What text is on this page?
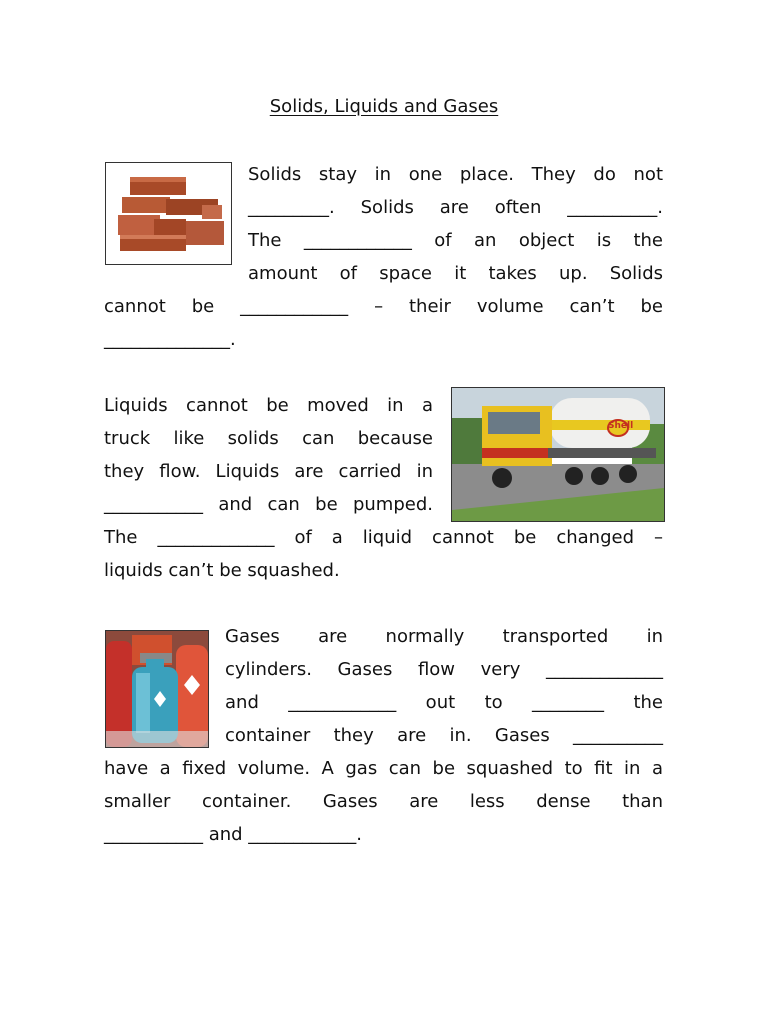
Solids, Liquids and Gases
Solids stay in one place. They do not
_________. Solids are often __________.
The ____________ of an object is the
amount of space it takes up. Solids
cannot be ____________ – their volume can’t be
______________.
Shell
Liquids cannot be moved in a
truck like solids can because
they flow. Liquids are carried in
___________ and can be pumped.
The _____________ of a liquid cannot be changed –
liquids can’t be squashed.
Gases are normally transported in
cylinders. Gases flow very _____________
and ____________ out to ________ the
container they are in. Gases __________
have a fixed volume. A gas can be squashed to fit in a
smaller container. Gases are less dense than
___________ and ____________.
